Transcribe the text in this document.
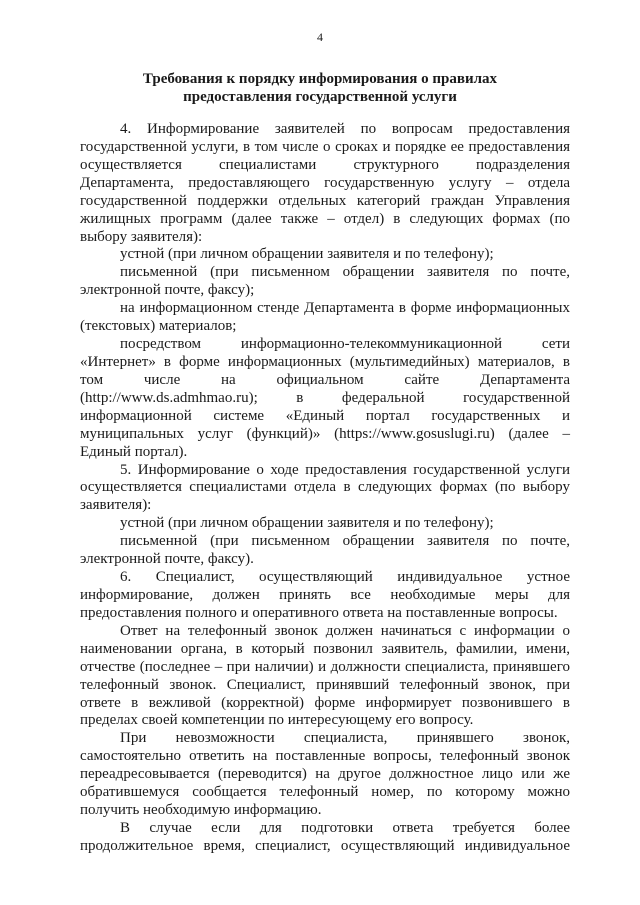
4
Требования к порядку информирования о правилах
предоставления государственной услуги
4. Информирование заявителей по вопросам предоставления
государственной услуги, в том числе о сроках и порядке ее предоставления
осуществляется специалистами структурного подразделения
Департамента, предоставляющего государственную услугу – отдела
государственной поддержки отдельных категорий граждан Управления
жилищных программ (далее также – отдел) в следующих формах (по
выбору заявителя):
устной (при личном обращении заявителя и по телефону);
письменной (при письменном обращении заявителя по почте,
электронной почте, факсу);
на информационном стенде Департамента в форме информационных
(текстовых) материалов;
посредством информационно-телекоммуникационной сети
«Интернет» в форме информационных (мультимедийных) материалов, в
том числе на официальном сайте Департамента
(http://www.ds.admhmao.ru); в федеральной государственной
информационной системе «Единый портал государственных и
муниципальных услуг (функций)» (https://www.gosuslugi.ru) (далее –
Единый портал).
5. Информирование о ходе предоставления государственной услуги
осуществляется специалистами отдела в следующих формах (по выбору
заявителя):
устной (при личном обращении заявителя и по телефону);
письменной (при письменном обращении заявителя по почте,
электронной почте, факсу).
6. Специалист, осуществляющий индивидуальное устное
информирование, должен принять все необходимые меры для
предоставления полного и оперативного ответа на поставленные вопросы.
Ответ на телефонный звонок должен начинаться с информации о
наименовании органа, в который позвонил заявитель, фамилии, имени,
отчестве (последнее – при наличии) и должности специалиста, принявшего
телефонный звонок. Специалист, принявший телефонный звонок, при
ответе в вежливой (корректной) форме информирует позвонившего в
пределах своей компетенции по интересующему его вопросу.
При невозможности специалиста, принявшего звонок,
самостоятельно ответить на поставленные вопросы, телефонный звонок
переадресовывается (переводится) на другое должностное лицо или же
обратившемуся сообщается телефонный номер, по которому можно
получить необходимую информацию.
В случае если для подготовки ответа требуется более
продолжительное время, специалист, осуществляющий индивидуальное
